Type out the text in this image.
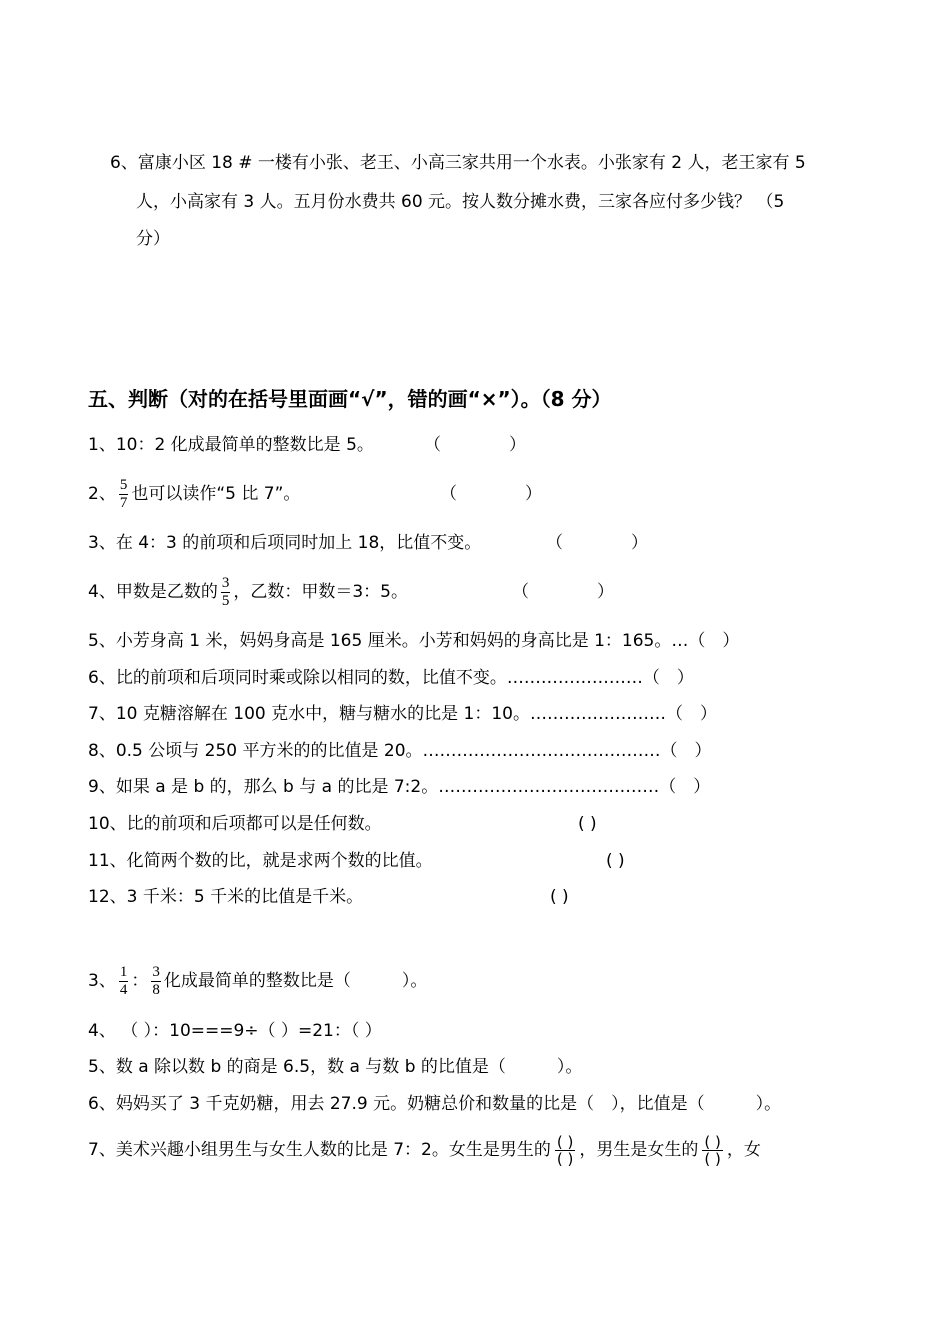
6、富康小区 18 # 一楼有小张、老王、小高三家共用一个水表。小张家有 2 人，老王家有 5
人，小高家有 3 人。五月份水费共 60 元。按人数分摊水费，三家各应付多少钱？ （5
分）
五、判断（对的在括号里面画“√”，错的画“×”）。（8 分）
1、10：2 化成最简单的整数比是 5。	（　　　　）
2、 $\frac{5}{7}$ 也可以读作“5 比 7”。	（　　　　）
3、在 4：3 的前项和后项同时加上 18，比值不变。	（　　　　）
4、甲数是乙数的 $\frac{3}{5}$ ，乙数：甲数＝3：5。	（　　　　）
5、小芳身高 1 米，妈妈身高是 165 厘米。小芳和妈妈的身高比是 1：165。…（　）
6、比的前项和后项同时乘或除以相同的数，比值不变。……………………（　）
7、10 克糖溶解在 100 克水中，糖与糖水的比是 1：10。……………………（　）
8、0.5 公顷与 250 平方米的的比值是 20。……………………………………（　）
9、如果 a 是 b 的，那么 b 与 a 的比是 7:2。…………………………………（　）
10、比的前项和后项都可以是任何数。	( )
11、化简两个数的比，就是求两个数的比值。	( )
12、3 千米：5 千米的比值是千米。	( )
3、 $\frac{1}{4}$ ： $\frac{3}{8}$ 化成最简单的整数比是（　　　）。
4、 （ ）：10===9÷（ ）=21：（ ）
5、数 a 除以数 b 的商是 6.5，数 a 与数 b 的比值是（　　　）。
6、妈妈买了 3 千克奶糖，用去 27.9 元。奶糖总价和数量的比是（　），比值是（　　　）。
7、美术兴趣小组男生与女生人数的比是 7：2。女生是男生的 $\frac{( )}{( )}$ ，男生是女生的 $\frac{( )}{( )}$ ，女
